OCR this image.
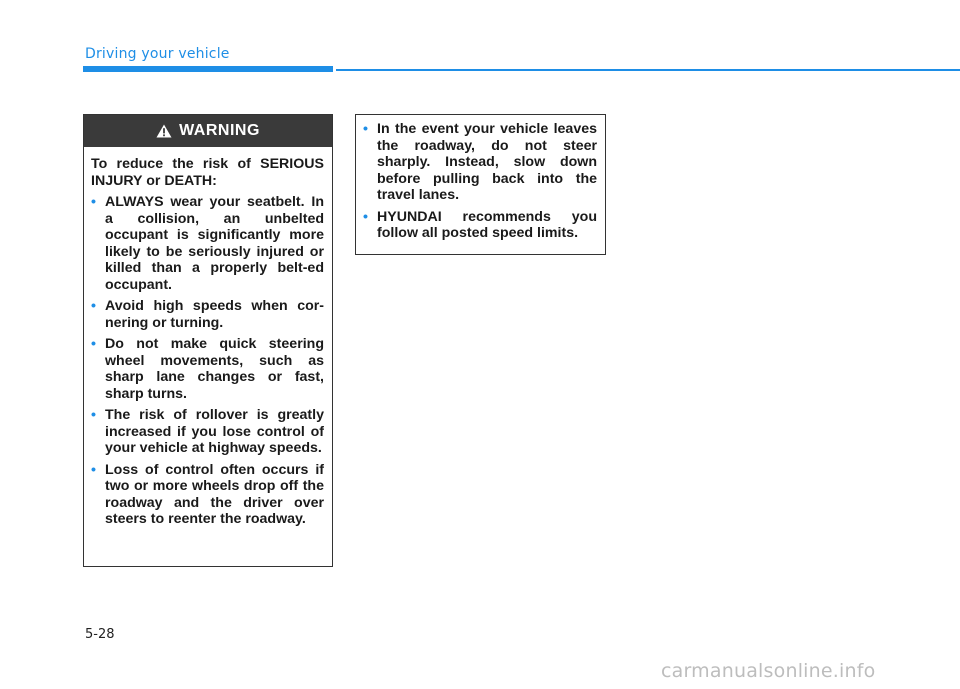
Driving your vehicle
WARNING

To reduce the risk of SERIOUS INJURY or DEATH:

• ALWAYS wear your seatbelt. In a collision, an unbelted occupant is significantly more likely to be seriously injured or killed than a properly belt-ed occupant.
• Avoid high speeds when cor-nering or turning.
• Do not make quick steering wheel movements, such as sharp lane changes or fast, sharp turns.
• The risk of rollover is greatly increased if you lose control of your vehicle at highway speeds.
• Loss of control often occurs if two or more wheels drop off the roadway and the driver over steers to reenter the roadway.
• In the event your vehicle leaves the roadway, do not steer sharply. Instead, slow down before pulling back into the travel lanes.
• HYUNDAI recommends you follow all posted speed limits.
5-28
carmanualsonline.info
